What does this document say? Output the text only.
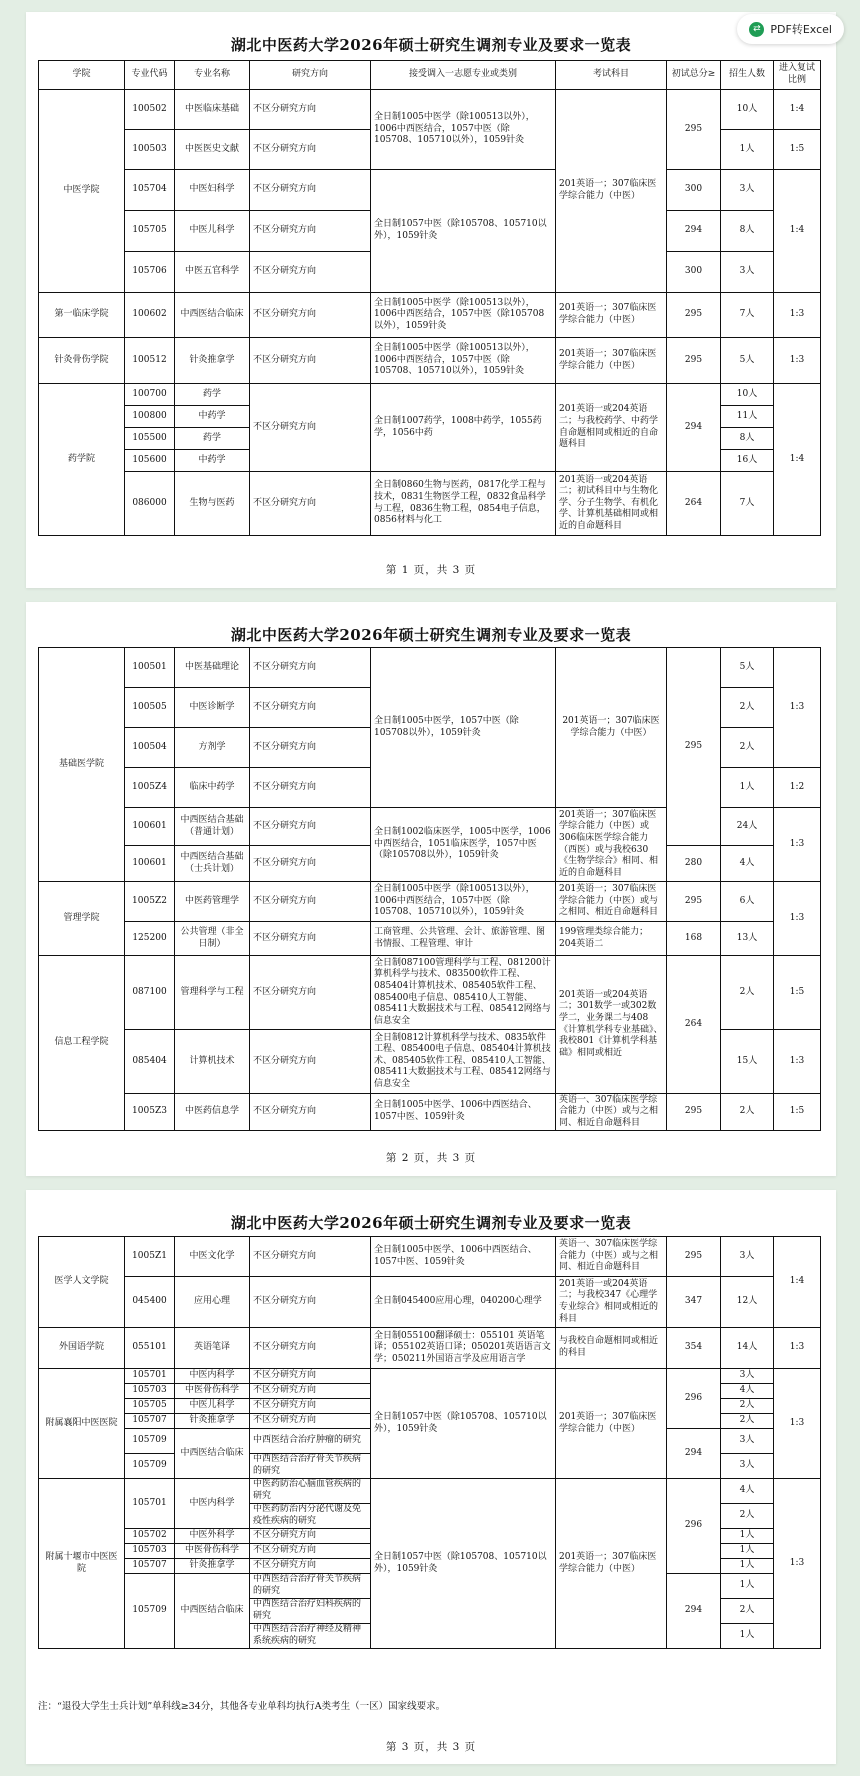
⇄ PDF转Excel
湖北中医药大学2026年硕士研究生调剂专业及要求一览表
学院	专业代码	专业名称	研究方向	接受调入一志愿专业或类别	考试科目	初试总分≥	招生人数	进入复试比例
中医学院	100502	中医临床基础	不区分研究方向	全日制1005中医学（除100513以外），1006中西医结合，1057中医（除105708、105710以外），1059针灸	201英语一；307临床医学综合能力（中医）	295	10人	1:4
	100503	中医医史文献	不区分研究方向				1人	1:5
	105704	中医妇科学	不区分研究方向	全日制1057中医（除105708、105710以外），1059针灸		300	3人	1:4
	105705	中医儿科学	不区分研究方向			294	8人	
	105706	中医五官科学	不区分研究方向			300	3人	
第一临床学院	100602	中西医结合临床	不区分研究方向	全日制1005中医学（除100513以外），1006中西医结合，1057中医（除105708以外），1059针灸	201英语一；307临床医学综合能力（中医）	295	7人	1:3
针灸骨伤学院	100512	针灸推拿学	不区分研究方向	全日制1005中医学（除100513以外），1006中西医结合，1057中医（除105708、105710以外），1059针灸	201英语一；307临床医学综合能力（中医）	295	5人	1:3
药学院	100700	药学	不区分研究方向	全日制1007药学，1008中药学，1055药学，1056中药	201英语一或204英语二；与我校药学、中药学自命题相同或相近的自命题科目	294	10人	1:4
	100800	中药学					11人	
	105500	药学					8人	
	105600	中药学					16人	
	086000	生物与医药	不区分研究方向	全日制0860生物与医药，0817化学工程与技术，0831生物医学工程，0832食品科学与工程，0836生物工程，0854电子信息，0856材料与化工	201英语一或204英语二；初试科目中与生物化学、分子生物学、有机化学、计算机基础相同或相近的自命题科目	264	7人	
第 1 页，共 3 页
湖北中医药大学2026年硕士研究生调剂专业及要求一览表
基础医学院	100501	中医基础理论	不区分研究方向	全日制1005中医学，1057中医（除105708以外），1059针灸	201英语一；307临床医学综合能力（中医）	295	5人	1:3
	100505	中医诊断学	不区分研究方向				2人	
	100504	方剂学	不区分研究方向				2人	
	1005Z4	临床中药学	不区分研究方向				1人	1:2
	100601	中西医结合基础（普通计划）	不区分研究方向	全日制1002临床医学，1005中医学，1006中西医结合，1051临床医学，1057中医（除105708以外），1059针灸	201英语一；307临床医学综合能力（中医）或306临床医学综合能力（西医）或与我校630《生物学综合》相同、相近的自命题科目		24人	1:3
	100601	中西医结合基础（士兵计划）	不区分研究方向			280	4人	
管理学院	1005Z2	中医药管理学	不区分研究方向	全日制1005中医学（除100513以外），1006中西医结合，1057中医（除105708、105710以外），1059针灸	201英语一；307临床医学综合能力（中医）或与之相同、相近自命题科目	295	6人	1:3
	125200	公共管理（非全日制）	不区分研究方向	工商管理、公共管理、会计、旅游管理、图书情报、工程管理、审计	199管理类综合能力；204英语二	168	13人	
信息工程学院	087100	管理科学与工程	不区分研究方向	全日制087100管理科学与工程、081200计算机科学与技术、083500软件工程、085404计算机技术、085405软件工程、085400电子信息、085410人工智能、085411大数据技术与工程、085412网络与信息安全	201英语一或204英语二；301数学一或302数学二，业务课二与408《计算机学科专业基础》、我校801《计算机学科基础》相同或相近	264	2人	1:5
	085404	计算机技术	不区分研究方向	全日制0812计算机科学与技术、0835软件工程、085400电子信息、085404计算机技术、085405软件工程、085410人工智能、085411大数据技术与工程、085412网络与信息安全			15人	1:3
	1005Z3	中医药信息学	不区分研究方向	全日制1005中医学、1006中西医结合、1057中医、1059针灸	英语一、307临床医学综合能力（中医）或与之相同、相近自命题科目	295	2人	1:5
第 2 页，共 3 页
湖北中医药大学2026年硕士研究生调剂专业及要求一览表
医学人文学院	1005Z1	中医文化学	不区分研究方向	全日制1005中医学、1006中西医结合、1057中医、1059针灸	英语一、307临床医学综合能力（中医）或与之相同、相近自命题科目	295	3人	1:4
	045400	应用心理	不区分研究方向	全日制045400应用心理，040200心理学	201英语一或204英语二；与我校347《心理学专业综合》相同或相近的科目	347	12人	
外国语学院	055101	英语笔译	不区分研究方向	全日制055100翻译硕士：055101 英语笔译；055102英语口译；050201英语语言文学；050211外国语言学及应用语言学	与我校自命题相同或相近的科目	354	14人	1:3
附属襄阳中医医院	105701	中医内科学	不区分研究方向	全日制1057中医（除105708、105710以外），1059针灸	201英语一；307临床医学综合能力（中医）	296	3人	1:3
	105703	中医骨伤科学	不区分研究方向				4人	
	105705	中医儿科学	不区分研究方向				2人	
	105707	针灸推拿学	不区分研究方向				2人	
	105709	中西医结合临床	中西医结合治疗肿瘤的研究			294	3人	
	105709		中西医结合治疗骨关节疾病的研究				3人	
附属十堰市中医医院	105701	中医内科学	中医药防治心脑血管疾病的研究	全日制1057中医（除105708、105710以外），1059针灸	201英语一；307临床医学综合能力（中医）	296	4人	1:3
			中医药防治内分泌代谢及免疫性疾病的研究				2人	
	105702	中医外科学	不区分研究方向				1人	
	105703	中医骨伤科学	不区分研究方向				1人	
	105707	针灸推拿学	不区分研究方向				1人	
	105709	中西医结合临床	中西医结合治疗骨关节疾病的研究			294	1人	
			中西医结合治疗妇科疾病的研究				2人	
			中西医结合治疗神经及精神系统疾病的研究				1人	
注：“退役大学生士兵计划”单科线≥34分，其他各专业单科均执行A类考生（一区）国家线要求。
第 3 页，共 3 页
